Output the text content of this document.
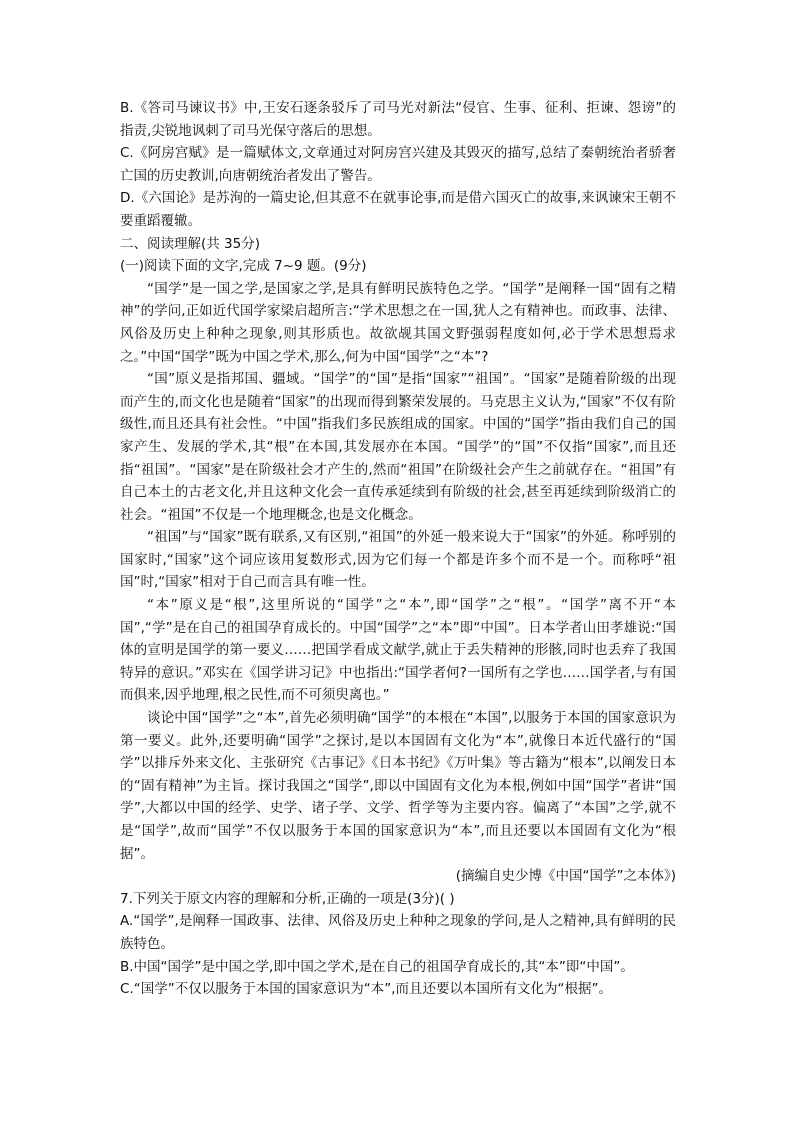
B.《答司马谏议书》中,王安石逐条驳斥了司马光对新法“侵官、生事、征利、拒谏、怨谤”的指责,尖锐地讽刺了司马光保守落后的思想。
C.《阿房宫赋》是一篇赋体文,文章通过对阿房宫兴建及其毁灭的描写,总结了秦朝统治者骄奢亡国的历史教训,向唐朝统治者发出了警告。
D.《六国论》是苏洵的一篇史论,但其意不在就事论事,而是借六国灭亡的故事,来讽谏宋王朝不要重蹈覆辙。
二、阅读理解(共 35分)
(一)阅读下面的文字,完成 7~9 题。(9分)
“国学”是一国之学,是国家之学,是具有鲜明民族特色之学。“国学”是阐释一国“固有之精神”的学问,正如近代国学家梁启超所言:“学术思想之在一国,犹人之有精神也。而政事、法律、风俗及历史上种种之现象,则其形质也。故欲觇其国文野强弱程度如何,必于学术思想焉求之。”中国“国学”既为中国之学术,那么,何为中国“国学”之“本”?
“国”原义是指邦国、疆域。“国学”的“国”是指“国家”“祖国”。“国家”是随着阶级的出现而产生的,而文化也是随着“国家”的出现而得到繁荣发展的。马克思主义认为,“国家”不仅有阶级性,而且还具有社会性。“中国”指我们多民族组成的国家。中国的“国学”指由我们自己的国家产生、发展的学术,其“根”在本国,其发展亦在本国。“国学”的“国”不仅指“国家”,而且还指“祖国”。“国家”是在阶级社会才产生的,然而“祖国”在阶级社会产生之前就存在。“祖国”有自己本土的古老文化,并且这种文化会一直传承延续到有阶级的社会,甚至再延续到阶级消亡的社会。“祖国”不仅是一个地理概念,也是文化概念。
“祖国”与“国家”既有联系,又有区别,“祖国”的外延一般来说大于“国家”的外延。称呼别的国家时,“国家”这个词应该用复数形式,因为它们每一个都是许多个而不是一个。而称呼“祖国”时,“国家”相对于自己而言具有唯一性。
“本”原义是“根”,这里所说的“国学”之“本”,即“国学”之“根”。“国学”离不开“本国”,“学”是在自己的祖国孕育成长的。中国“国学”之“本”即“中国”。日本学者山田孝雄说:“国体的宣明是国学的第一要义……把国学看成文献学,就止于丢失精神的形骸,同时也丢弃了我国特异的意识。”邓实在《国学讲习记》中也指出:“国学者何?一国所有之学也……国学者,与有国而俱来,因乎地理,根之民性,而不可须臾离也。”
谈论中国“国学”之“本”,首先必须明确“国学”的本根在“本国”,以服务于本国的国家意识为第一要义。此外,还要明确“国学”之探讨,是以本国固有文化为“本”,就像日本近代盛行的“国学”以排斥外来文化、主张研究《古事记》《日本书纪》《万叶集》等古籍为“根本”,以阐发日本的“固有精神”为主旨。探讨我国之“国学”,即以中国固有文化为本根,例如中国“国学”者讲“国学”,大都以中国的经学、史学、诸子学、文学、哲学等为主要内容。偏离了“本国”之学,就不是“国学”,故而“国学”不仅以服务于本国的国家意识为“本”,而且还要以本国固有文化为“根据”。
(摘编自史少博《中国“国学”之本体》)
7.下列关于原文内容的理解和分析,正确的一项是(3分)( )
A.“国学”,是阐释一国政事、法律、风俗及历史上种种之现象的学问,是人之精神,具有鲜明的民族特色。
B.中国“国学”是中国之学,即中国之学术,是在自己的祖国孕育成长的,其“本”即“中国”。
C.“国学”不仅以服务于本国的国家意识为“本”,而且还要以本国所有文化为“根据”。
